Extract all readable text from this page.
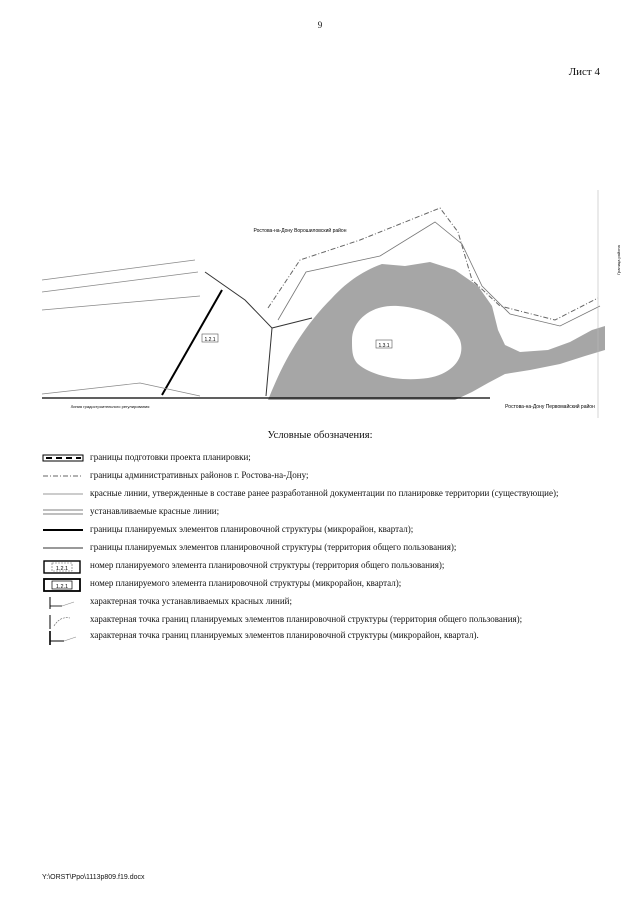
9
Лист 4
1.2.1
1.3.1
Ростова-на-Дону Ворошиловский район
Ростова-на-Дону Первомайский район
Линия градостроительного регулирования
Граница района
Условные обозначения:
границы подготовки проекта планировки;
границы административных районов г. Ростова-на-Дону;
красные линии, утвержденные в составе ранее разработанной документации по планировке территории (существующие);
устанавливаемые красные линии;
границы планируемых элементов планировочной структуры (микрорайон, квартал);
границы планируемых элементов планировочной структуры (территория общего пользования);
1.2.1 номер планируемого элемента планировочной структуры (территория общего пользования);
1.2.1 номер планируемого элемента планировочной структуры (микрорайон, квартал);
характерная точка устанавливаемых красных линий;
характерная точка границ планируемых элементов планировочной структуры (территория общего пользования);
характерная точка границ планируемых элементов планировочной структуры (микрорайон, квартал).
Y:\ORST\Ppo\1113p809.f19.docx
